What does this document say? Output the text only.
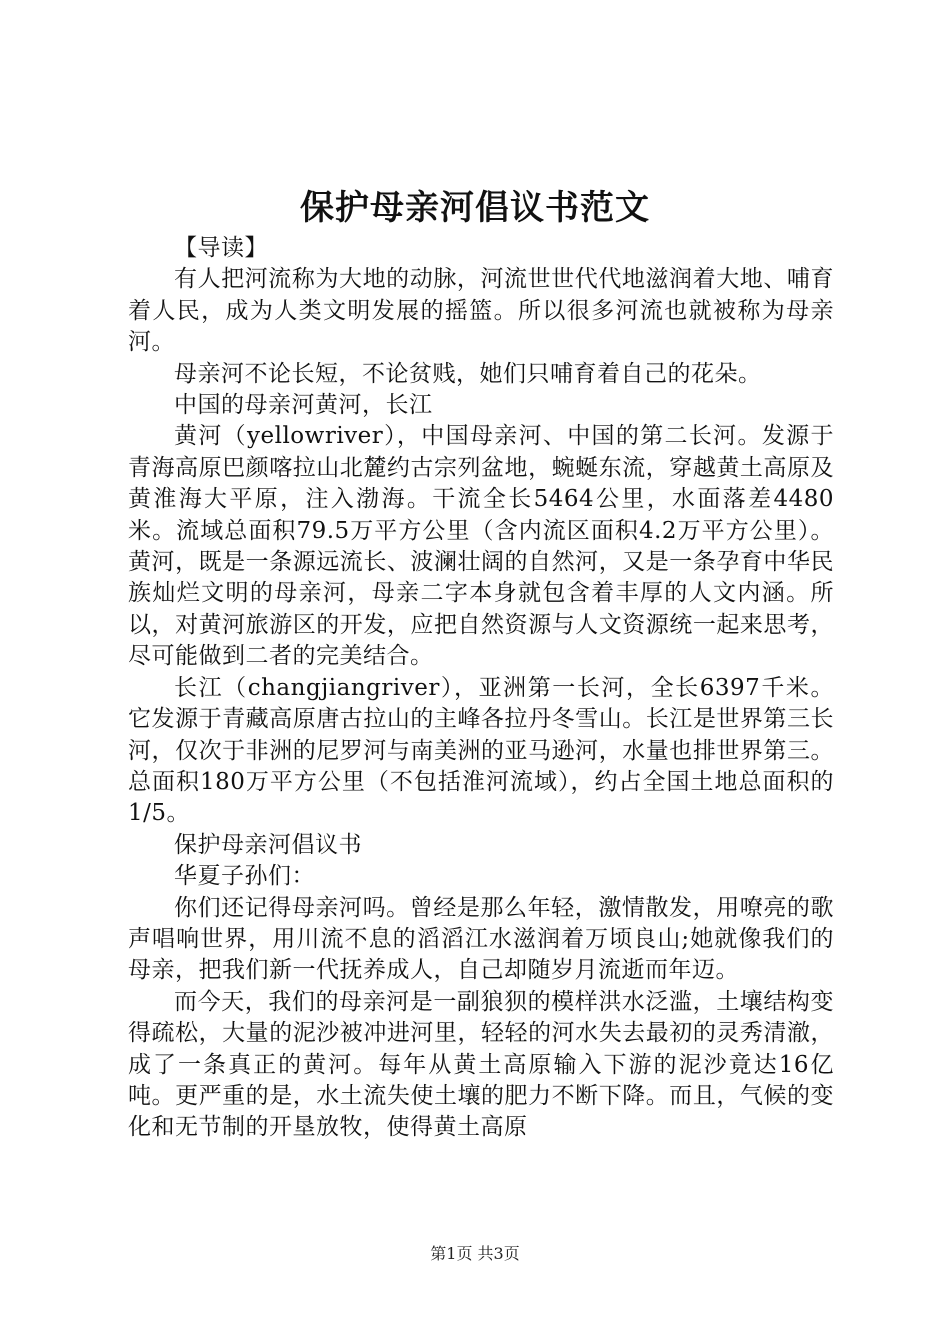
保护母亲河倡议书范文

【导读】

有人把河流称为大地的动脉，河流世世代代地滋润着大地、哺育着人民，成为人类文明发展的摇篮。所以很多河流也就被称为母亲河。

母亲河不论长短，不论贫贱，她们只哺育着自己的花朵。

中国的母亲河黄河，长江

黄河（yellowriver），中国母亲河、中国的第二长河。发源于青海高原巴颜喀拉山北麓约古宗列盆地，蜿蜒东流，穿越黄土高原及黄淮海大平原，注入渤海。干流全长5464公里，水面落差4480米。流域总面积79.5万平方公里（含内流区面积4.2万平方公里）。黄河，既是一条源远流长、波澜壮阔的自然河，又是一条孕育中华民族灿烂文明的母亲河，母亲二字本身就包含着丰厚的人文内涵。所以，对黄河旅游区的开发，应把自然资源与人文资源统一起来思考，尽可能做到二者的完美结合。

长江（changjiangriver），亚洲第一长河，全长6397千米。它发源于青藏高原唐古拉山的主峰各拉丹冬雪山。长江是世界第三长河，仅次于非洲的尼罗河与南美洲的亚马逊河，水量也排世界第三。总面积180万平方公里（不包括淮河流域），约占全国土地总面积的1/5。

保护母亲河倡议书

华夏子孙们：

你们还记得母亲河吗。曾经是那么年轻，激情散发，用嘹亮的歌声唱响世界，用川流不息的滔滔江水滋润着万顷良山;她就像我们的母亲，把我们新一代抚养成人，自己却随岁月流逝而年迈。

而今天，我们的母亲河是一副狼狈的模样洪水泛滥，土壤结构变得疏松，大量的泥沙被冲进河里，轻轻的河水失去最初的灵秀清澈，成了一条真正的黄河。每年从黄土高原输入下游的泥沙竟达16亿吨。更严重的是，水土流失使土壤的肥力不断下降。而且，气候的变化和无节制的开垦放牧，使得黄土高原

第1页 共3页
